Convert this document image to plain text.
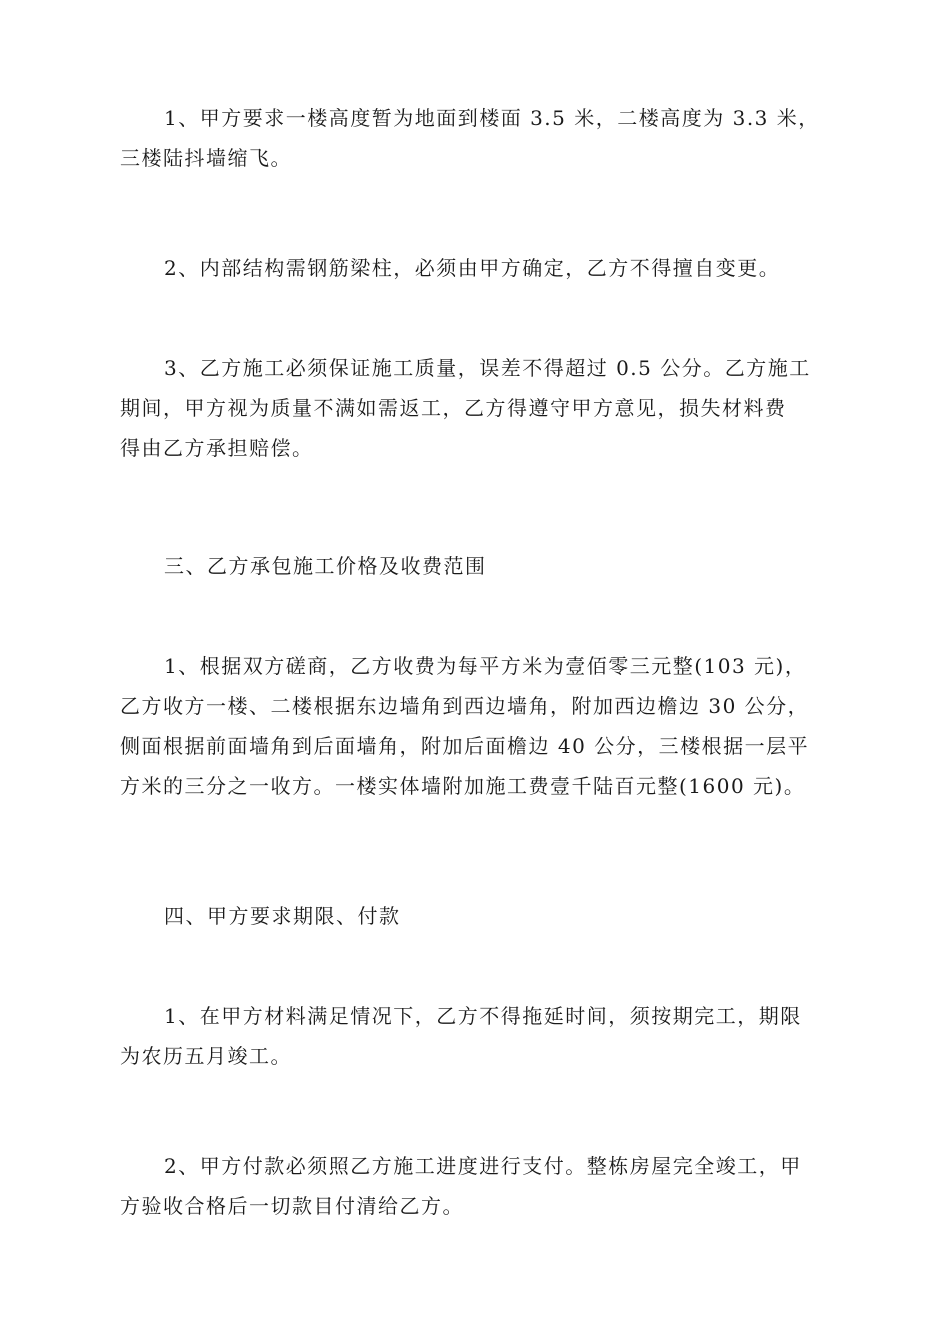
1、甲方要求一楼高度暂为地面到楼面 3.5 米，二楼高度为 3.3 米，
三楼陆抖墙缩飞。
2、内部结构需钢筋梁柱，必须由甲方确定，乙方不得擅自变更。
3、乙方施工必须保证施工质量，误差不得超过 0.5 公分。乙方施工
期间，甲方视为质量不满如需返工，乙方得遵守甲方意见，损失材料费
得由乙方承担赔偿。
三、乙方承包施工价格及收费范围
1、根据双方磋商，乙方收费为每平方米为壹佰零三元整(103 元)，
乙方收方一楼、二楼根据东边墙角到西边墙角，附加西边檐边 30 公分，
侧面根据前面墙角到后面墙角，附加后面檐边 40 公分，三楼根据一层平
方米的三分之一收方。一楼实体墙附加施工费壹千陆百元整(1600 元)。
四、甲方要求期限、付款
1、在甲方材料满足情况下，乙方不得拖延时间，须按期完工，期限
为农历五月竣工。
2、甲方付款必须照乙方施工进度进行支付。整栋房屋完全竣工，甲
方验收合格后一切款目付清给乙方。
